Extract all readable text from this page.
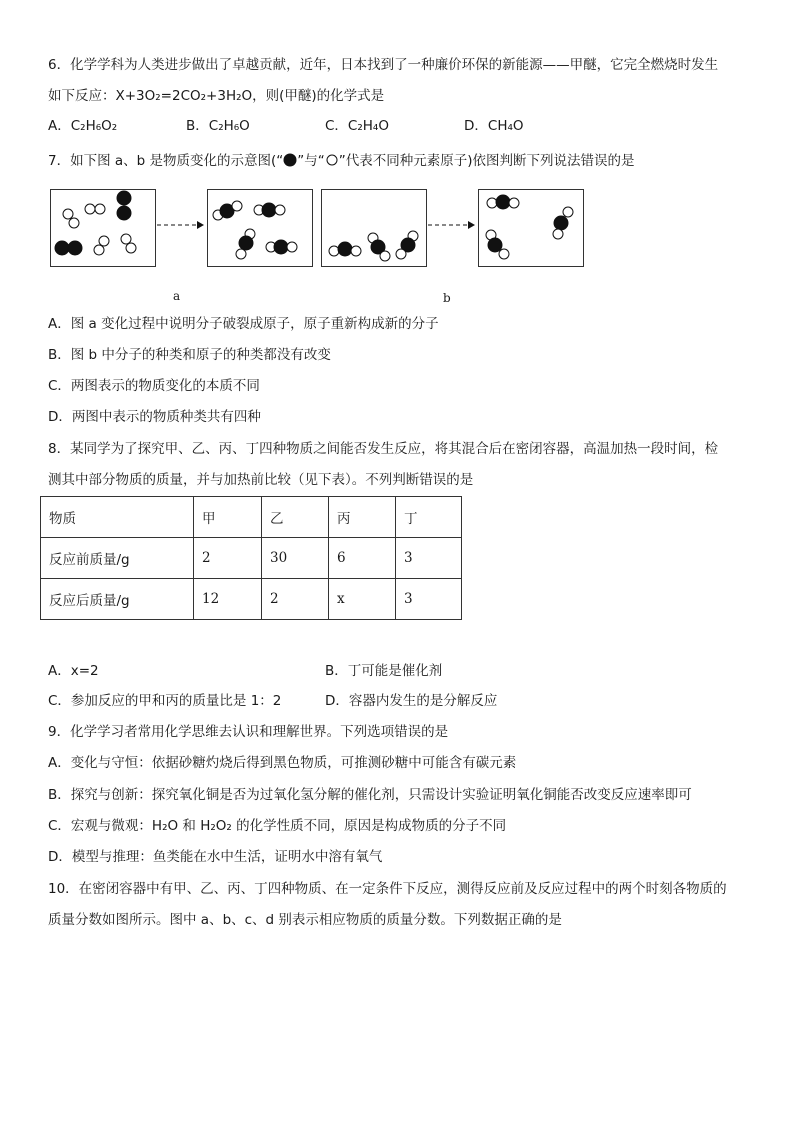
6．化学学科为人类进步做出了卓越贡献，近年，日本找到了一种廉价环保的新能源——甲醚，它完全燃烧时发生
如下反应：X+3O₂=2CO₂+3H₂O，则(甲醚)的化学式是
A．C₂H₆O₂	B．C₂H₆O	C．C₂H₄O	D．CH₄O
7．如下图 a、b 是物质变化的示意图(“ ”与“ ”代表不同种元素原子)依图判断下列说法错误的是
a	b
A．图 a 变化过程中说明分子破裂成原子，原子重新构成新的分子
B．图 b 中分子的种类和原子的种类都没有改变
C．两图表示的物质变化的本质不同
D．两图中表示的物质种类共有四种
8．某同学为了探究甲、乙、丙、丁四种物质之间能否发生反应，将其混合后在密闭容器，高温加热一段时间，检
测其中部分物质的质量，并与加热前比较（见下表）。不列判断错误的是
物质	甲	乙	丙	丁
反应前质量/g	2	30	6	3
反应后质量/g	12	2	x	3
A．x=2	B．丁可能是催化剂
C．参加反应的甲和丙的质量比是 1：2	D．容器内发生的是分解反应
9．化学学习者常用化学思维去认识和理解世界。下列选项错误的是
A．变化与守恒：依据砂糖灼烧后得到黑色物质，可推测砂糖中可能含有碳元素
B．探究与创新：探究氧化铜是否为过氧化氢分解的催化剂，只需设计实验证明氧化铜能否改变反应速率即可
C．宏观与微观：H₂O 和 H₂O₂ 的化学性质不同，原因是构成物质的分子不同
D．模型与推理：鱼类能在水中生活，证明水中溶有氧气
10．在密闭容器中有甲、乙、丙、丁四种物质、在一定条件下反应，测得反应前及反应过程中的两个时刻各物质的
质量分数如图所示。图中 a、b、c、d 别表示相应物质的质量分数。下列数据正确的是
